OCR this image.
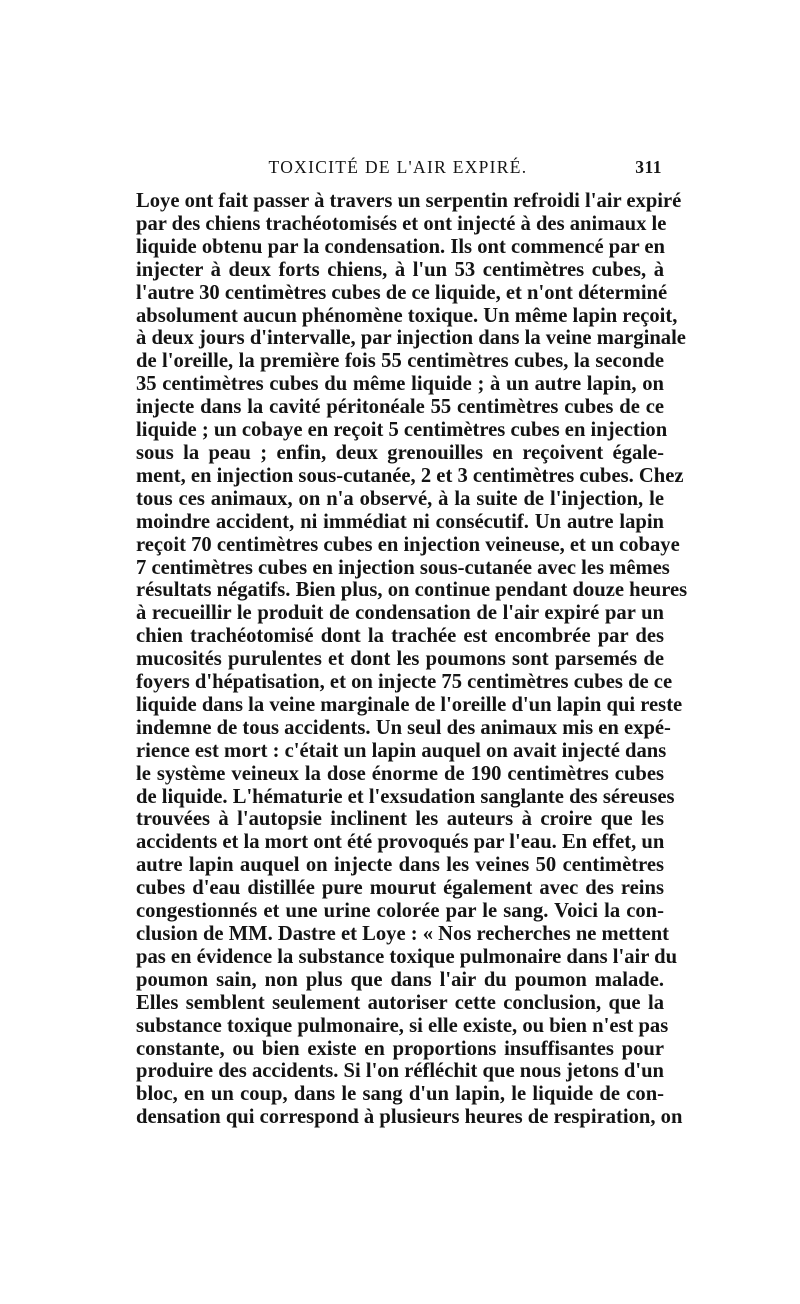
TOXICITÉ DE L'AIR EXPIRÉ.	311
Loye ont fait passer à travers un serpentin refroidi l'air expiré
par des chiens trachéotomisés et ont injecté à des animaux le
liquide obtenu par la condensation. Ils ont commencé par en
injecter à deux forts chiens, à l'un 53 centimètres cubes, à
l'autre 30 centimètres cubes de ce liquide, et n'ont déterminé
absolument aucun phénomène toxique. Un même lapin reçoit,
à deux jours d'intervalle, par injection dans la veine marginale
de l'oreille, la première fois 55 centimètres cubes, la seconde
35 centimètres cubes du même liquide ; à un autre lapin, on
injecte dans la cavité péritonéale 55 centimètres cubes de ce
liquide ; un cobaye en reçoit 5 centimètres cubes en injection
sous la peau ; enfin, deux grenouilles en reçoivent égale-
ment, en injection sous-cutanée, 2 et 3 centimètres cubes. Chez
tous ces animaux, on n'a observé, à la suite de l'injection, le
moindre accident, ni immédiat ni consécutif. Un autre lapin
reçoit 70 centimètres cubes en injection veineuse, et un cobaye
7 centimètres cubes en injection sous-cutanée avec les mêmes
résultats négatifs. Bien plus, on continue pendant douze heures
à recueillir le produit de condensation de l'air expiré par un
chien trachéotomisé dont la trachée est encombrée par des
mucosités purulentes et dont les poumons sont parsemés de
foyers d'hépatisation, et on injecte 75 centimètres cubes de ce
liquide dans la veine marginale de l'oreille d'un lapin qui reste
indemne de tous accidents. Un seul des animaux mis en expé-
rience est mort : c'était un lapin auquel on avait injecté dans
le système veineux la dose énorme de 190 centimètres cubes
de liquide. L'hématurie et l'exsudation sanglante des séreuses
trouvées à l'autopsie inclinent les auteurs à croire que les
accidents et la mort ont été provoqués par l'eau. En effet, un
autre lapin auquel on injecte dans les veines 50 centimètres
cubes d'eau distillée pure mourut également avec des reins
congestionnés et une urine colorée par le sang. Voici la con-
clusion de MM. Dastre et Loye : « Nos recherches ne mettent
pas en évidence la substance toxique pulmonaire dans l'air du
poumon sain, non plus que dans l'air du poumon malade.
Elles semblent seulement autoriser cette conclusion, que la
substance toxique pulmonaire, si elle existe, ou bien n'est pas
constante, ou bien existe en proportions insuffisantes pour
produire des accidents. Si l'on réfléchit que nous jetons d'un
bloc, en un coup, dans le sang d'un lapin, le liquide de con-
densation qui correspond à plusieurs heures de respiration, on
